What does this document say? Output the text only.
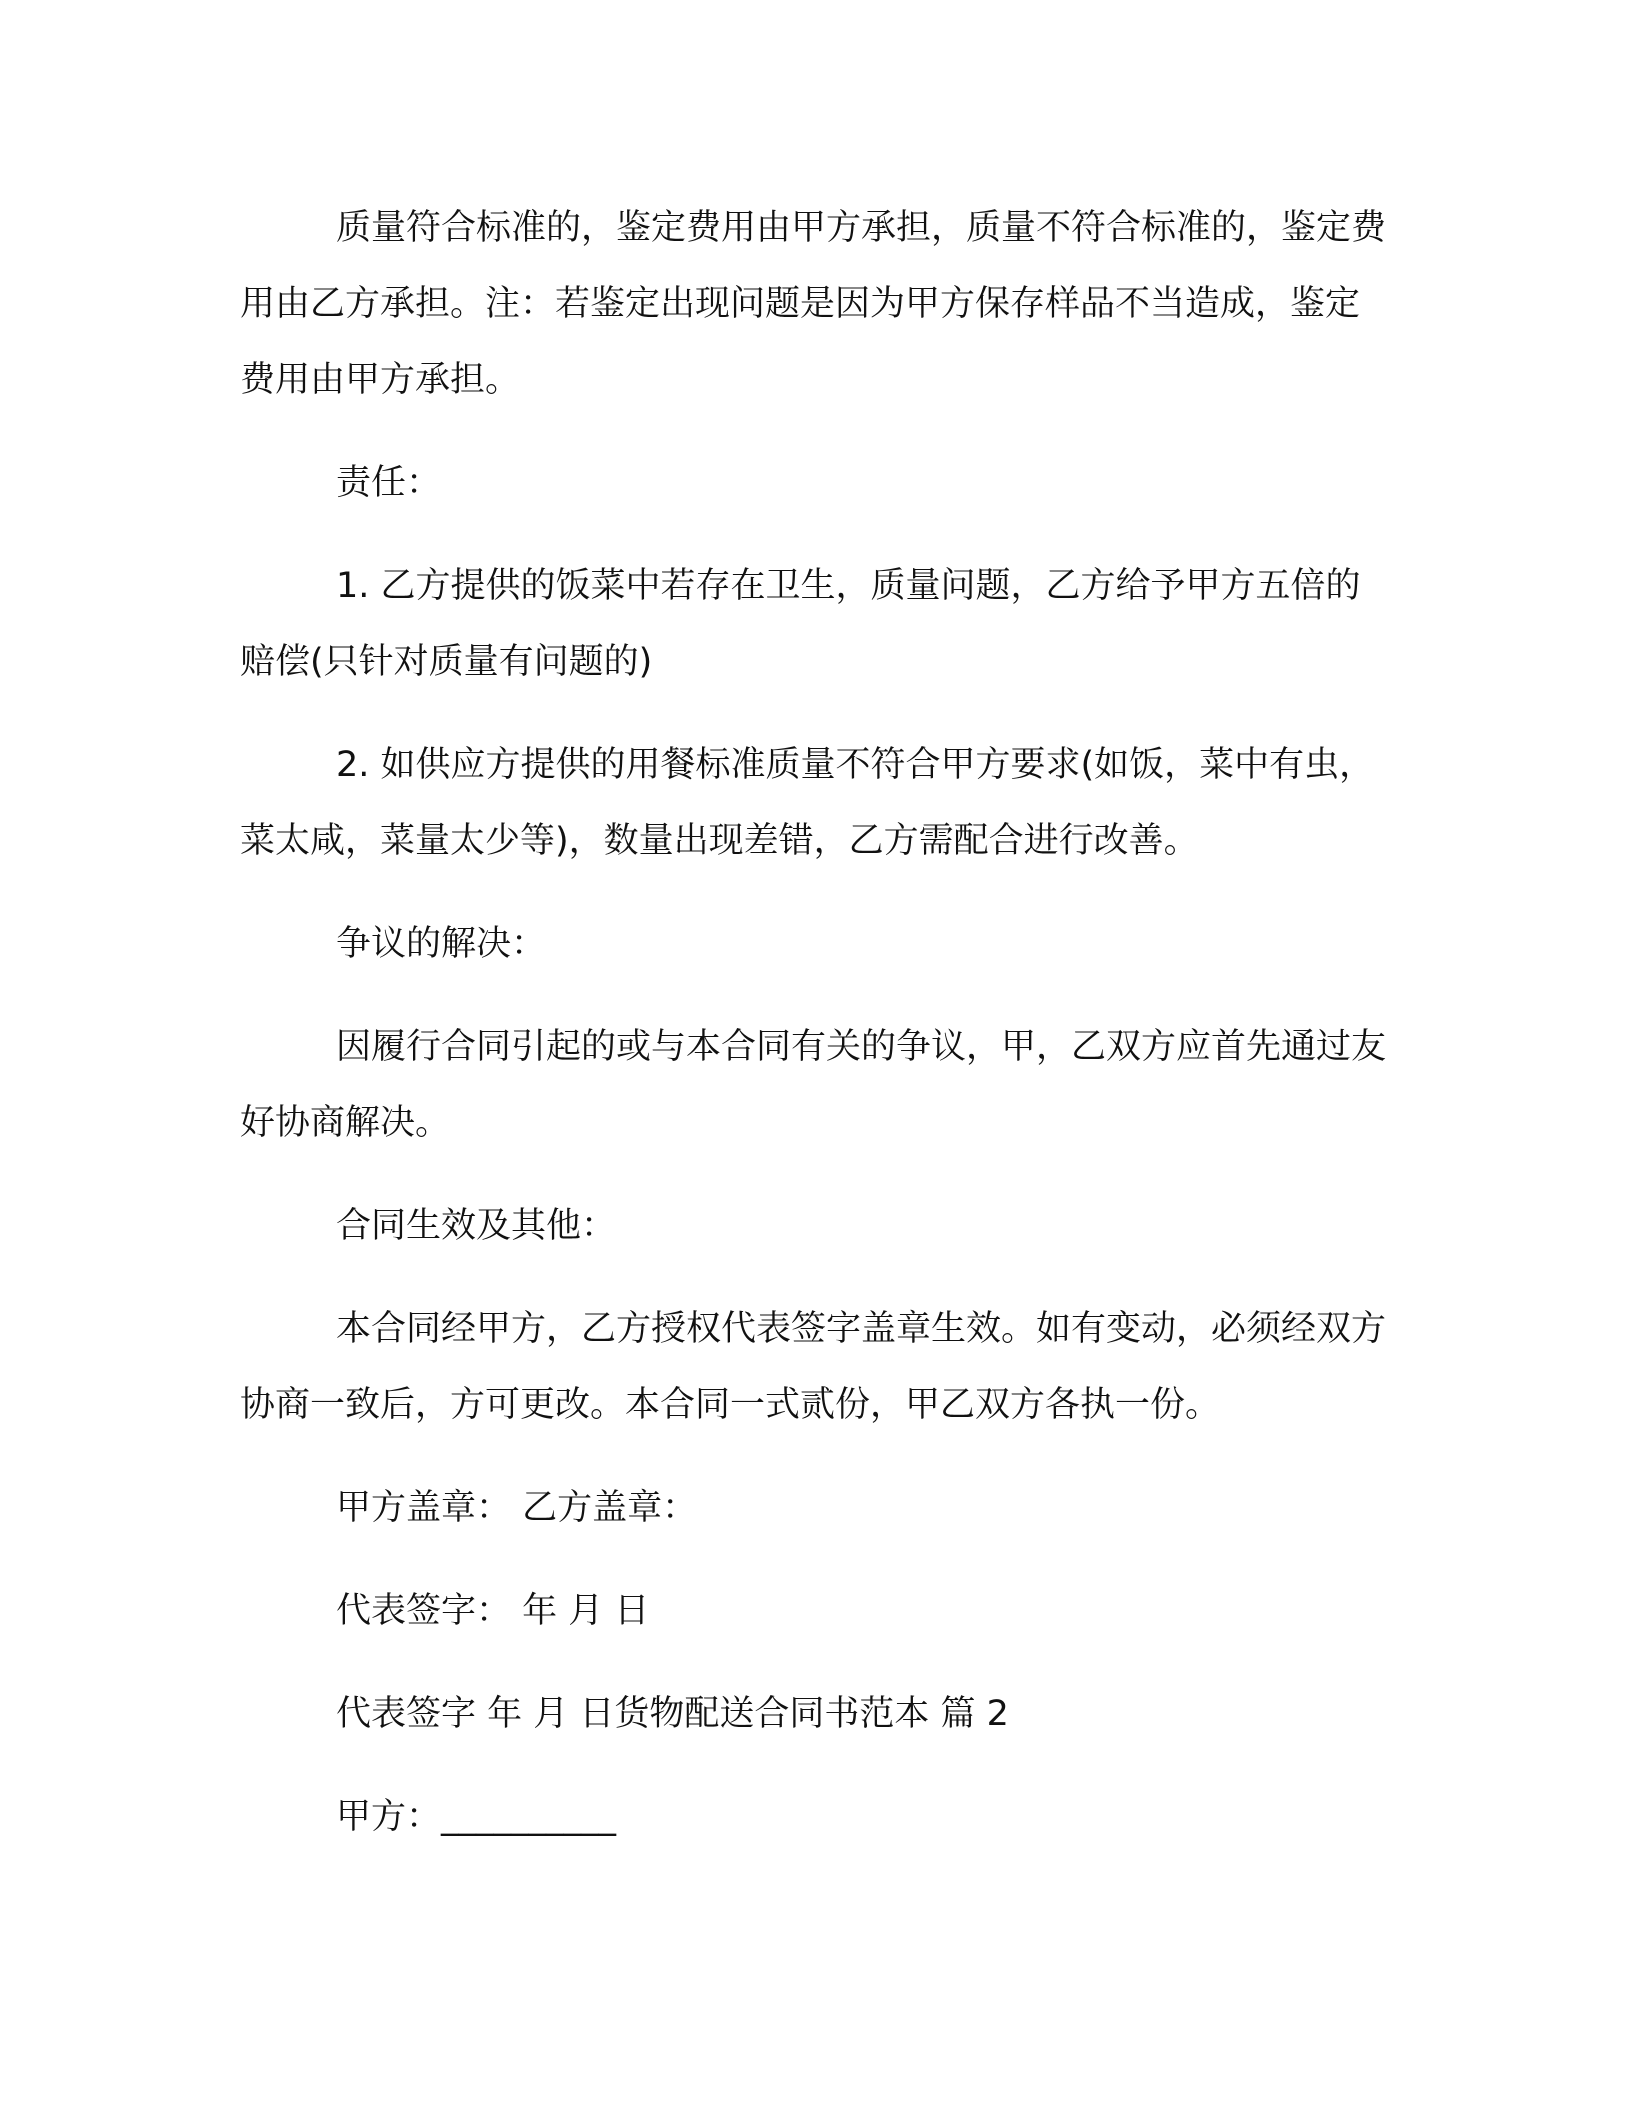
质量符合标准的，鉴定费用由甲方承担，质量不符合标准的，鉴定费用由乙方承担。注：若鉴定出现问题是因为甲方保存样品不当造成，鉴定费用由甲方承担。

责任：

1. 乙方提供的饭菜中若存在卫生，质量问题，乙方给予甲方五倍的赔偿(只针对质量有问题的)

2. 如供应方提供的用餐标准质量不符合甲方要求(如饭，菜中有虫，菜太咸，菜量太少等)，数量出现差错，乙方需配合进行改善。

争议的解决：

因履行合同引起的或与本合同有关的争议，甲，乙双方应首先通过友好协商解决。

合同生效及其他：

本合同经甲方，乙方授权代表签字盖章生效。如有变动，必须经双方协商一致后，方可更改。本合同一式贰份，甲乙双方各执一份。

甲方盖章： 乙方盖章：

代表签字： 年 月 日

代表签字 年 月 日货物配送合同书范本 篇 2

甲方：__________
